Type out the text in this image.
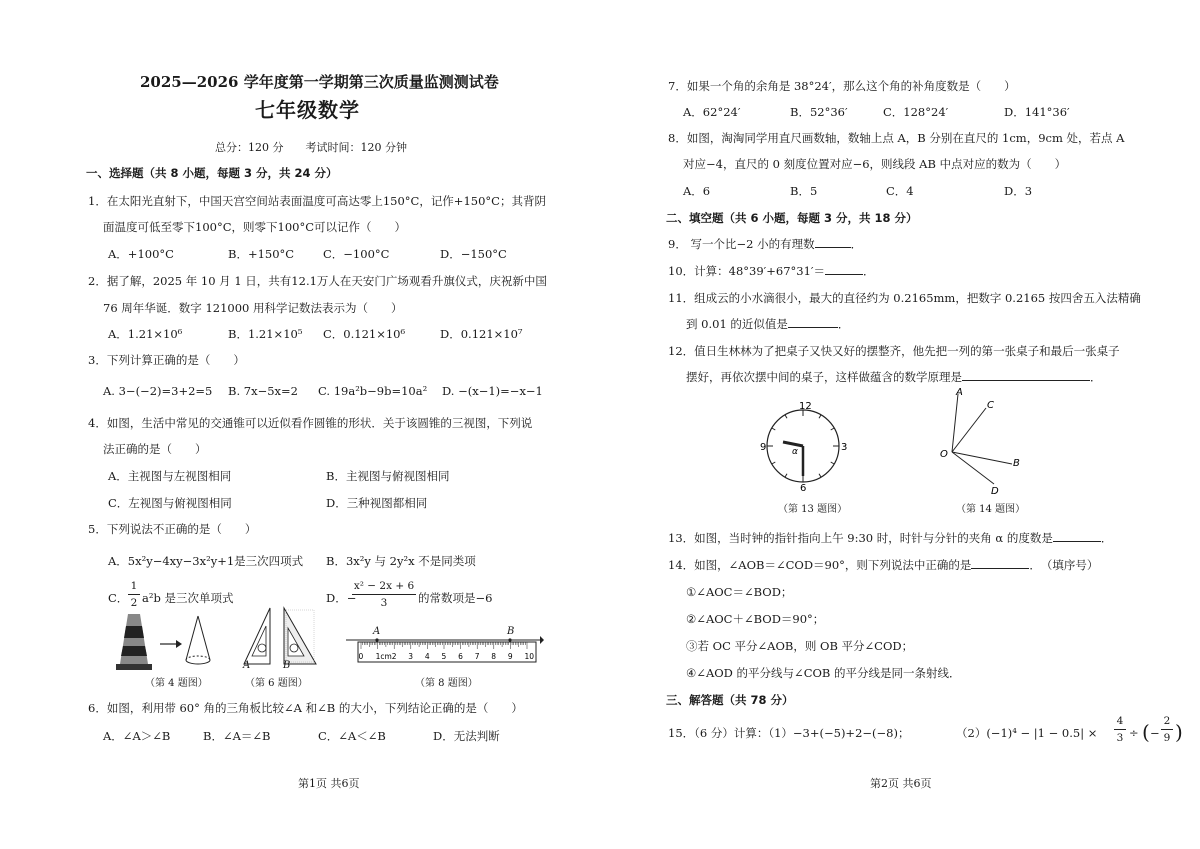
2025—2026 学年度第一学期第三次质量监测测试卷
七年级数学
总分：120 分　　考试时间：120 分钟
一、选择题（共 8 小题，每题 3 分，共 24 分）
1．在太阳光直射下，中国天宫空间站表面温度可高达零上150°C，记作+150°C；其背阴
面温度可低至零下100°C，则零下100°C可以记作（　　）
A．+100°C	B．+150°C	C．−100°C	D．−150°C
2．据了解，2025 年 10 月 1 日，共有12.1万人在天安门广场观看升旗仪式，庆祝新中国
76 周年华诞．数字 121000 用科学记数法表示为（　　）
A．1.21×10⁶	B．1.21×10⁵ C．0.121×10⁶	D．0.121×10⁷
3．下列计算正确的是（　　）
A. 3−(−2)=3+2=5 B. 7x−5x=2 C. 19a²b−9b=10a² D. −(x−1)=−x−1
4．如图，生活中常见的交通锥可以近似看作圆锥的形状．关于该圆锥的三视图，下列说
法正确的是（　　）
A．主视图与左视图相同	B．主视图与俯视图相同
C．左视图与俯视图相同	D．三种视图都相同
5．下列说法不正确的是（　　）
A．5x²y−4xy−3x²y+1是三次四项式 B．3x²y 与 2y²x 不是同类项
C．
1
2 a²b 是三次单项式	D．−
x² − 2x + 6
3	的常数项是−6
（第 4 题图）
A	B
（第 6 题图）
0 1cm 2 3 4 5 6 7 8 9 10
A	B
（第 8 题图）
6．如图，利用带 60° 角的三角板比较∠A 和∠B 的大小，下列结论正确的是（　　）
A．∠A＞∠B	B．∠A＝∠B	C．∠A＜∠B	D．无法判断
第1页 共6页
7．如果一个角的余角是 38°24′，那么这个角的补角度数是（　　）
A．62°24′	B．52°36′	C．128°24′	D．141°36′
8．如图，淘淘同学用直尺画数轴，数轴上点 A，B 分别在直尺的 1cm，9cm 处，若点 A
对应−4，直尺的 0 刻度位置对应−6，则线段 AB 中点对应的数为（　　）
A．6	B．5	C．4	D．3
二、填空题（共 6 小题，每题 3 分，共 18 分）
9． 写一个比−2 小的有理数	．
10．计算：48°39′+67°31′＝	．
11．组成云的小水滴很小，最大的直径约为 0.2165mm，把数字 0.2165 按四舍五入法精确
到 0.01 的近似值是	．
12．值日生林林为了把桌子又快又好的摆整齐，他先把一列的第一张桌子和最后一张桌子
摆好，再依次摆中间的桌子，这样做蕴含的数学原理是	．
12
3
6
9	α
（第 13 题图）
A
C
B
D
O
（第 14 题图）
13．如图，当时钟的指针指向上午 9:30 时，时针与分针的夹角 α 的度数是	．
14．如图，∠AOB＝∠COD＝90°，则下列说法中正确的是	．　（填序号）
①∠AOC＝∠BOD；
②∠AOC＋∠BOD＝90°；
③若 OC 平分∠AOB，则 OB 平分∠COD；
④∠AOD 的平分线与∠COB 的平分线是同一条射线．
三、解答题（共 78 分）
15．（6 分）计算：（1）−3+(−5)+2−(−8)；	（2）(−1)⁴ − |1 − 0.5| ×
4
3 ÷ ( −
2
9 )
第2页 共6页
